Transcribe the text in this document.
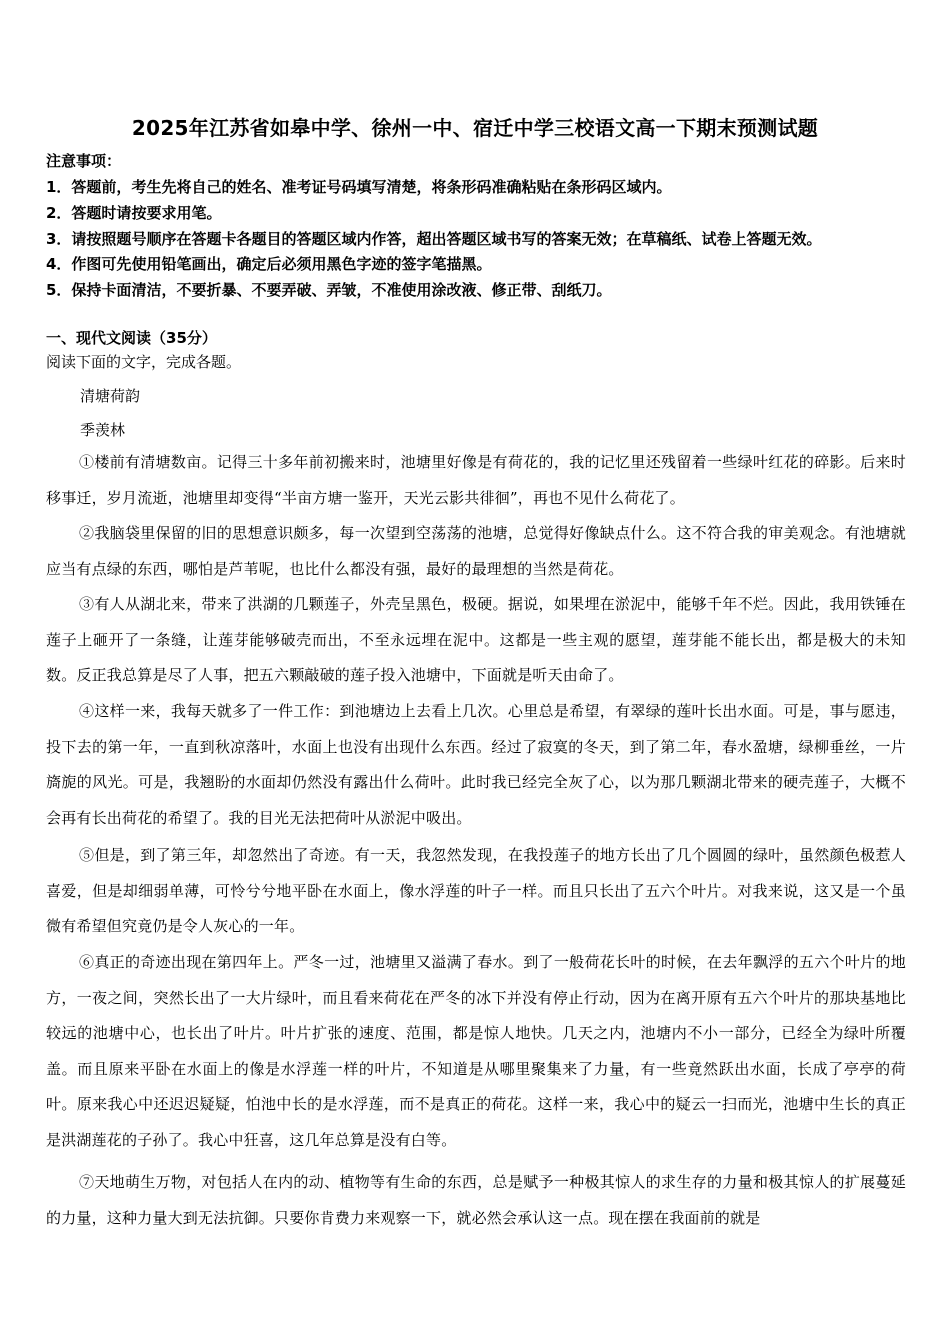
2025年江苏省如皋中学、徐州一中、宿迁中学三校语文高一下期末预测试题
注意事项：
1．答题前，考生先将自己的姓名、准考证号码填写清楚，将条形码准确粘贴在条形码区域内。
2．答题时请按要求用笔。
3．请按照题号顺序在答题卡各题目的答题区域内作答，超出答题区域书写的答案无效；在草稿纸、试卷上答题无效。
4．作图可先使用铅笔画出，确定后必须用黑色字迹的签字笔描黑。
5．保持卡面清洁，不要折暴、不要弄破、弄皱，不准使用涂改液、修正带、刮纸刀。
一、现代文阅读（35分）
阅读下面的文字，完成各题。
清塘荷韵
季羡林
①楼前有清塘数亩。记得三十多年前初搬来时，池塘里好像是有荷花的，我的记忆里还残留着一些绿叶红花的碎影。后来时移事迁，岁月流逝，池塘里却变得“半亩方塘一鉴开，天光云影共徘徊”，再也不见什么荷花了。
②我脑袋里保留的旧的思想意识颇多，每一次望到空荡荡的池塘，总觉得好像缺点什么。这不符合我的审美观念。有池塘就应当有点绿的东西，哪怕是芦苇呢，也比什么都没有强，最好的最理想的当然是荷花。
③有人从湖北来，带来了洪湖的几颗莲子，外壳呈黑色，极硬。据说，如果埋在淤泥中，能够千年不烂。因此，我用铁锤在莲子上砸开了一条缝，让莲芽能够破壳而出，不至永远埋在泥中。这都是一些主观的愿望，莲芽能不能长出，都是极大的未知数。反正我总算是尽了人事，把五六颗敲破的莲子投入池塘中，下面就是听天由命了。
④这样一来，我每天就多了一件工作：到池塘边上去看上几次。心里总是希望，有翠绿的莲叶长出水面。可是，事与愿违，投下去的第一年，一直到秋凉落叶，水面上也没有出现什么东西。经过了寂寞的冬天，到了第二年，春水盈塘，绿柳垂丝，一片旖旎的风光。可是，我翘盼的水面却仍然没有露出什么荷叶。此时我已经完全灰了心，以为那几颗湖北带来的硬壳莲子，大概不会再有长出荷花的希望了。我的目光无法把荷叶从淤泥中吸出。
⑤但是，到了第三年，却忽然出了奇迹。有一天，我忽然发现，在我投莲子的地方长出了几个圆圆的绿叶，虽然颜色极惹人喜爱，但是却细弱单薄，可怜兮兮地平卧在水面上，像水浮莲的叶子一样。而且只长出了五六个叶片。对我来说，这又是一个虽微有希望但究竟仍是令人灰心的一年。
⑥真正的奇迹出现在第四年上。严冬一过，池塘里又溢满了春水。到了一般荷花长叶的时候，在去年飘浮的五六个叶片的地方，一夜之间，突然长出了一大片绿叶，而且看来荷花在严冬的冰下并没有停止行动，因为在离开原有五六个叶片的那块基地比较远的池塘中心，也长出了叶片。叶片扩张的速度、范围，都是惊人地快。几天之内，池塘内不小一部分，已经全为绿叶所覆盖。而且原来平卧在水面上的像是水浮莲一样的叶片，不知道是从哪里聚集来了力量，有一些竟然跃出水面，长成了亭亭的荷叶。原来我心中还迟迟疑疑，怕池中长的是水浮莲，而不是真正的荷花。这样一来，我心中的疑云一扫而光，池塘中生长的真正是洪湖莲花的子孙了。我心中狂喜，这几年总算是没有白等。
⑦天地萌生万物，对包括人在内的动、植物等有生命的东西，总是赋予一种极其惊人的求生存的力量和极其惊人的扩展蔓延的力量，这种力量大到无法抗御。只要你肯费力来观察一下，就必然会承认这一点。现在摆在我面前的就是
